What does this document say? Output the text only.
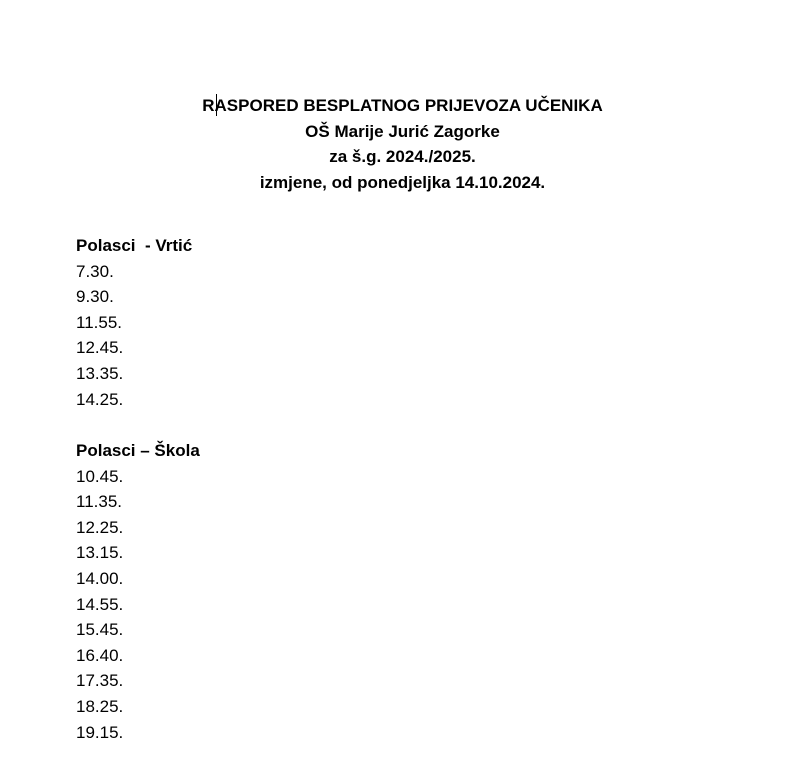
RASPORED BESPLATNOG PRIJEVOZA UČENIKA
OŠ Marije Jurić Zagorke
za š.g. 2024./2025.
izmjene, od ponedjeljka 14.10.2024.
Polasci  - Vrtić
7.30.
9.30.
11.55.
12.45.
13.35.
14.25.
Polasci – Škola
10.45.
11.35.
12.25.
13.15.
14.00.
14.55.
15.45.
16.40.
17.35.
18.25.
19.15.
